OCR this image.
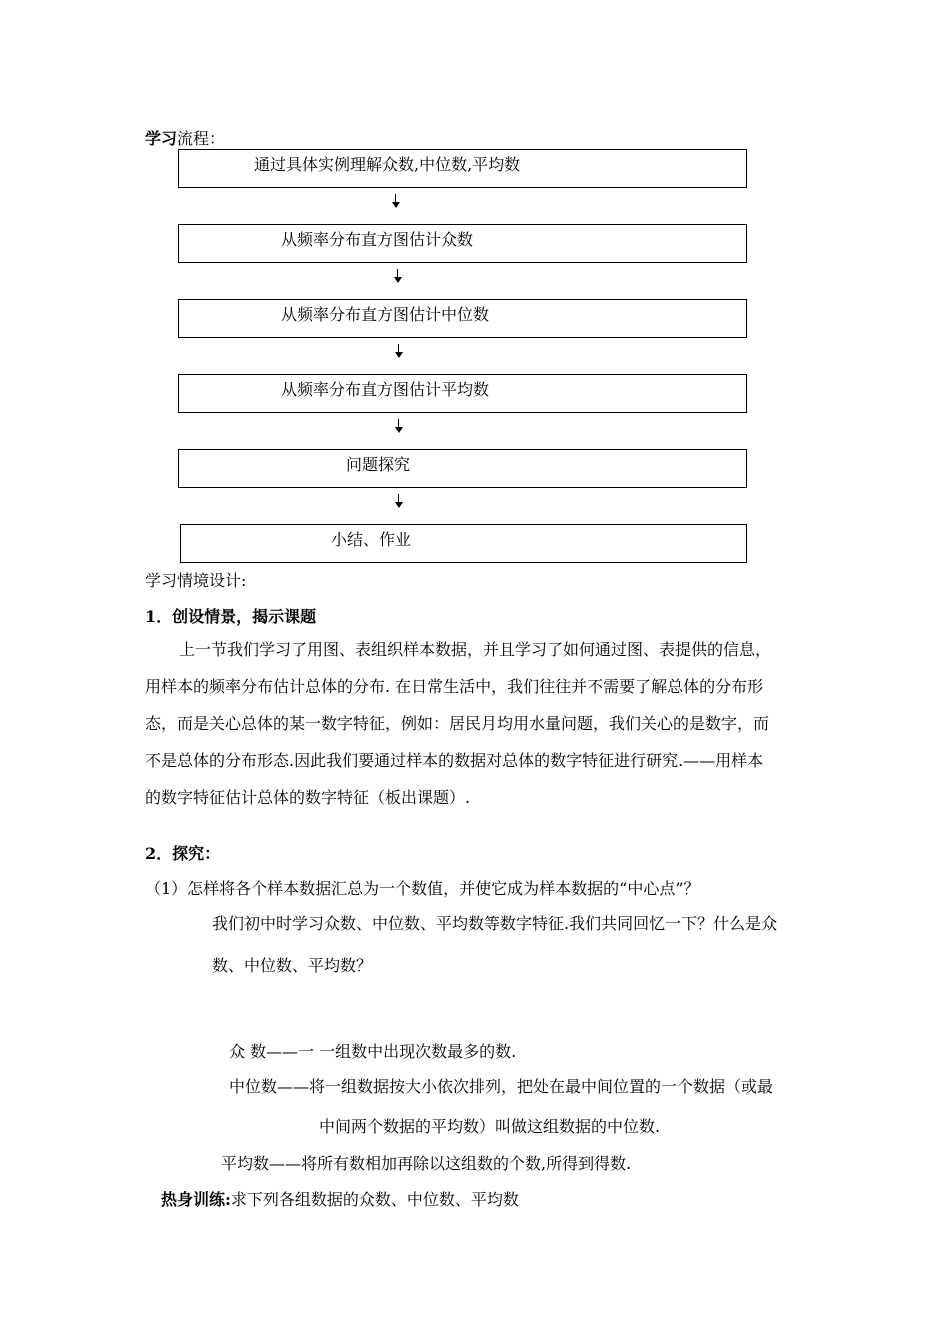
学习流程：
通过具体实例理解众数,中位数,平均数
从频率分布直方图估计众数
从频率分布直方图估计中位数
从频率分布直方图估计平均数
问题探究
小结、作业
学习情境设计:
1．创设情景，揭示课题
上一节我们学习了用图、表组织样本数据，并且学习了如何通过图、表提供的信息，
用样本的频率分布估计总体的分布. 在日常生活中，我们往往并不需要了解总体的分布形
态，而是关心总体的某一数字特征，例如：居民月均用水量问题，我们关心的是数字，而
不是总体的分布形态.因此我们要通过样本的数据对总体的数字特征进行研究.——用样本
的数字特征估计总体的数字特征（板出课题）.
2．探究：
（1）怎样将各个样本数据汇总为一个数值，并使它成为样本数据的“中心点”？
我们初中时学习众数、中位数、平均数等数字特征.我们共同回忆一下？什么是众
数、中位数、平均数？
众 数——一 一组数中出现次数最多的数.
中位数——将一组数据按大小依次排列，把处在最中间位置的一个数据（或最
中间两个数据的平均数）叫做这组数据的中位数.
平均数——将所有数相加再除以这组数的个数,所得到得数.
热身训练:求下列各组数据的众数、中位数、平均数
